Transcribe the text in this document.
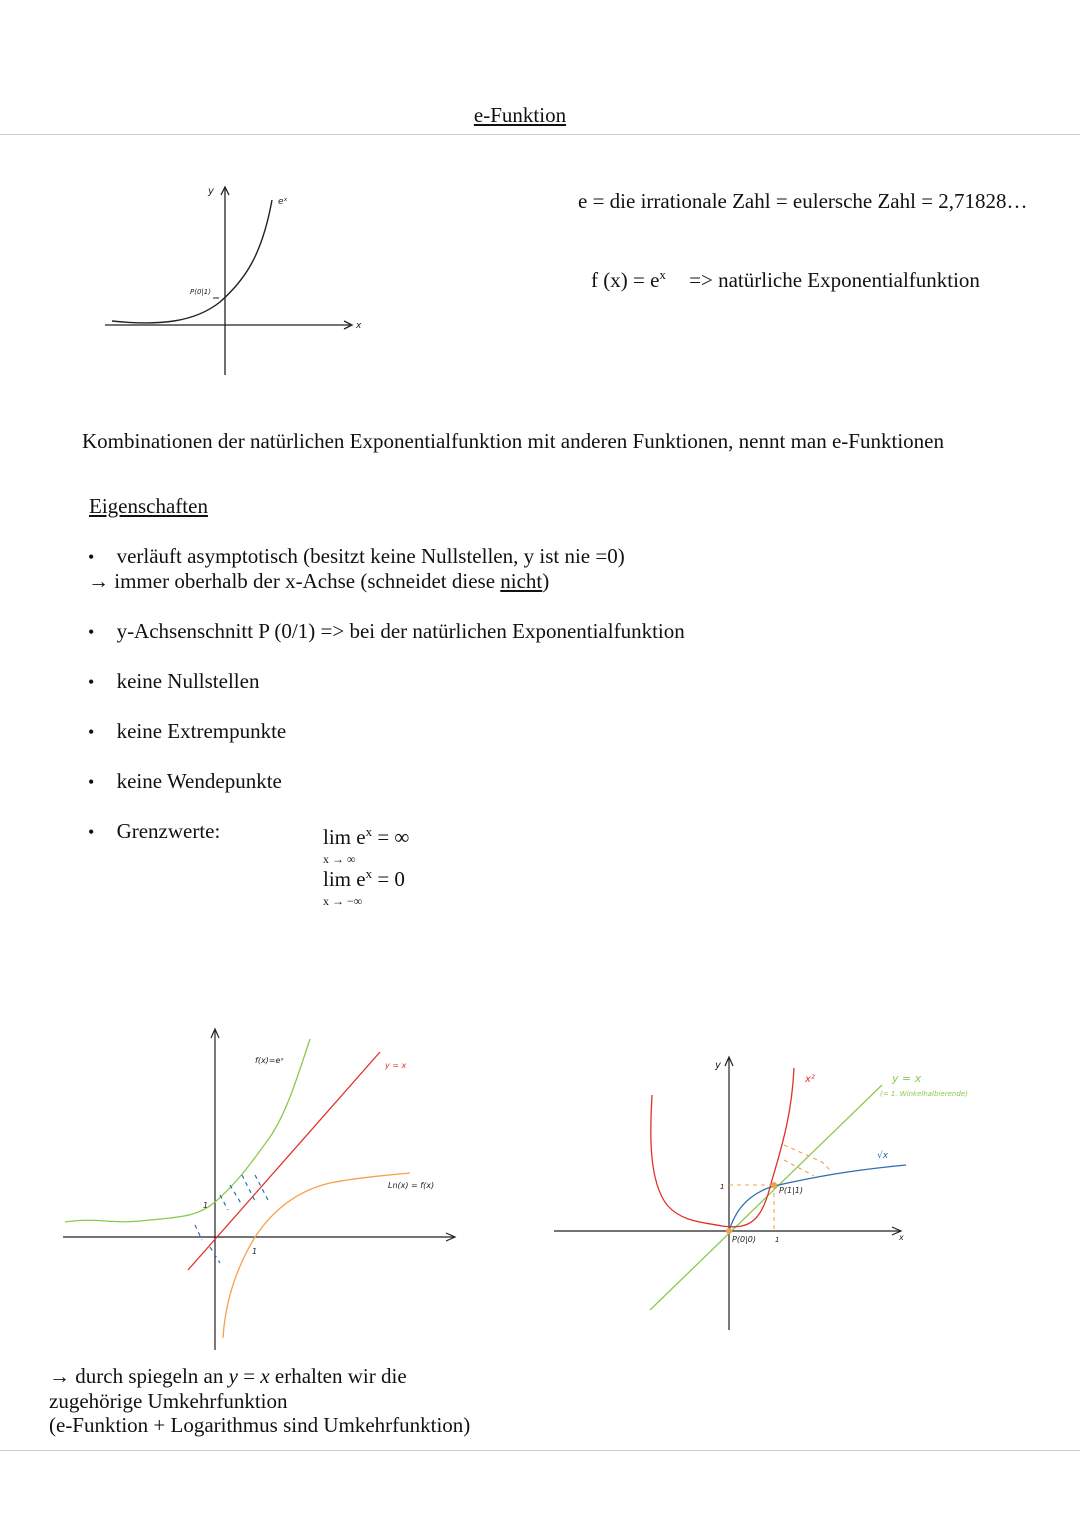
e-Funktion
y
x
eˣ
P(0|1)
e = die irrationale Zahl = eulersche Zahl = 2,71828…
f $(x) = e^x$ => natürliche Exponentialfunktion
Kombinationen der natürlichen Exponentialfunktion mit anderen Funktionen, nennt man e-Funktionen
Eigenschaften
• verläuft asymptotisch (besitzt keine Nullstellen, y ist nie =0)
→ immer oberhalb der x-Achse (schneidet diese nicht)
• y-Achsenschnitt P (0/1) => bei der natürlichen Exponentialfunktion
• keine Nullstellen
• keine Extrempunkte
• keine Wendepunkte
• Grenzwerte:	$\lim e^x$ = ∞
x → ∞
$\lim e^x = 0$
x → −∞
f(x)=eˣ
y = x
Ln(x) = f(x)
1
1
y
x
x²	y = x
(= 1. Winkelhalbierende)
√x
P(1|1)
P(0|0)
1
1
→ durch spiegeln an y = x erhalten wir die
zugehörige Umkehrfunktion
(e-Funktion + Logarithmus sind Umkehrfunktion)
